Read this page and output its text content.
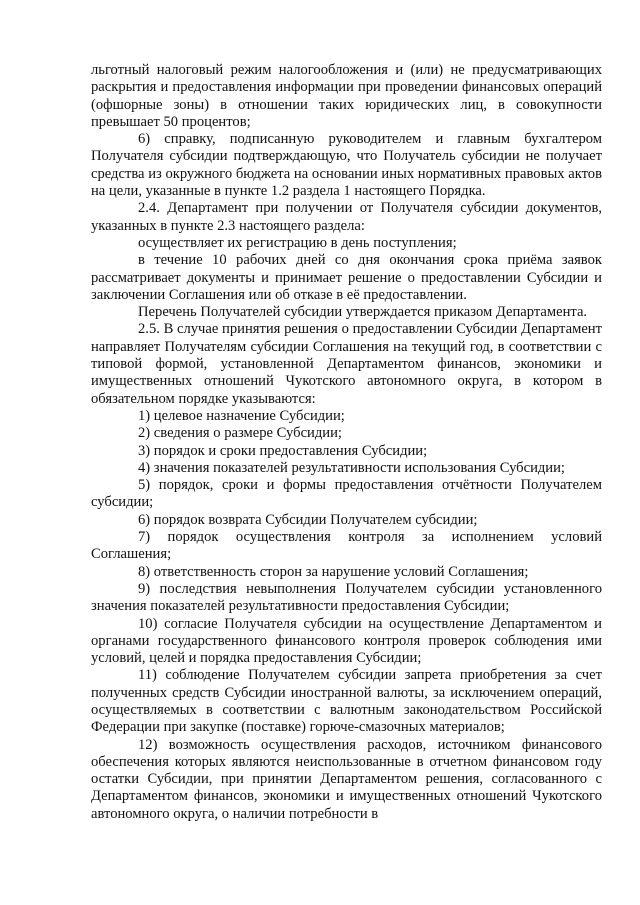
льготный налоговый режим налогообложения и (или) не предусматривающих раскрытия и предоставления информации при проведении финансовых операций (офшорные зоны) в отношении таких юридических лиц, в совокупности превышает 50 процентов;

6) справку, подписанную руководителем и главным бухгалтером Получателя субсидии подтверждающую, что Получатель субсидии не получает средства из окружного бюджета на основании иных нормативных правовых актов на цели, указанные в пункте 1.2 раздела 1 настоящего Порядка.

2.4. Департамент при получении от Получателя субсидии документов, указанных в пункте 2.3 настоящего раздела:

осуществляет их регистрацию в день поступления;

в течение 10 рабочих дней со дня окончания срока приёма заявок рассматривает документы и принимает решение о предоставлении Субсидии и заключении Соглашения или об отказе в её предоставлении.

Перечень Получателей субсидии утверждается приказом Департамента.

2.5. В случае принятия решения о предоставлении Субсидии Департамент направляет Получателям субсидии Соглашения на текущий год, в соответствии с типовой формой, установленной Департаментом финансов, экономики и имущественных отношений Чукотского автономного округа, в котором в обязательном порядке указываются:

1) целевое назначение Субсидии;

2) сведения о размере Субсидии;

3) порядок и сроки предоставления Субсидии;

4) значения показателей результативности использования Субсидии;

5) порядок, сроки и формы предоставления отчётности Получателем субсидии;

6) порядок возврата Субсидии Получателем субсидии;

7) порядок осуществления контроля за исполнением условий Соглашения;

8) ответственность сторон за нарушение условий Соглашения;

9) последствия невыполнения Получателем субсидии установленного значения показателей результативности предоставления Субсидии;

10) согласие Получателя субсидии на осуществление Департаментом и органами государственного финансового контроля проверок соблюдения ими условий, целей и порядка предоставления Субсидии;

11) соблюдение Получателем субсидии запрета приобретения за счет полученных средств Субсидии иностранной валюты, за исключением операций, осуществляемых в соответствии с валютным законодательством Российской Федерации при закупке (поставке) горюче-смазочных материалов;

12) возможность осуществления расходов, источником финансового обеспечения которых являются неиспользованные в отчетном финансовом году остатки Субсидии, при принятии Департаментом решения, согласованного с Департаментом финансов, экономики и имущественных отношений Чукотского автономного округа, о наличии потребности в
